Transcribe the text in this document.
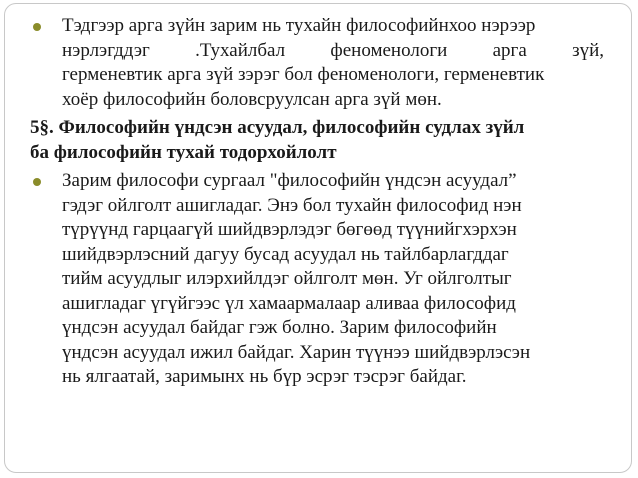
Тэдгээр арга зүйн зарим нь тухайн философийнхоо нэрээр
нэрлэгддэг .Тухайлбал феноменологи арга зүй,
герменевтик арга зүй зэрэг бол феноменологи, герменевтик
хоёр философийн боловсруулсан арга зүй мөн.
5§. Философийн үндсэн асуудал, философийн судлах зүйл
ба философийн тухай тодорхойлолт
Зарим философи сургаал "философийн үндсэн асуудал”
гэдэг ойлголт ашигладаг. Энэ бол тухайн философид нэн
түрүүнд гарцаагүй шийдвэрлэдэг бөгөөд түүнийгхэрхэн
шийдвэрлэсний дагуу бусад асуудал нь тайлбарлагддаг
тийм асуудлыг илэрхийлдэг ойлголт мөн. Уг ойлголтыг
ашигладаг үгүйгээс үл хамаармалаар аливаа философид
үндсэн асуудал байдаг гэж болно. Зарим философийн
үндсэн асуудал ижил байдаг. Харин түүнээ шийдвэрлэсэн
нь ялгаатай, заримынх нь бүр эсрэг тэсрэг байдаг.
